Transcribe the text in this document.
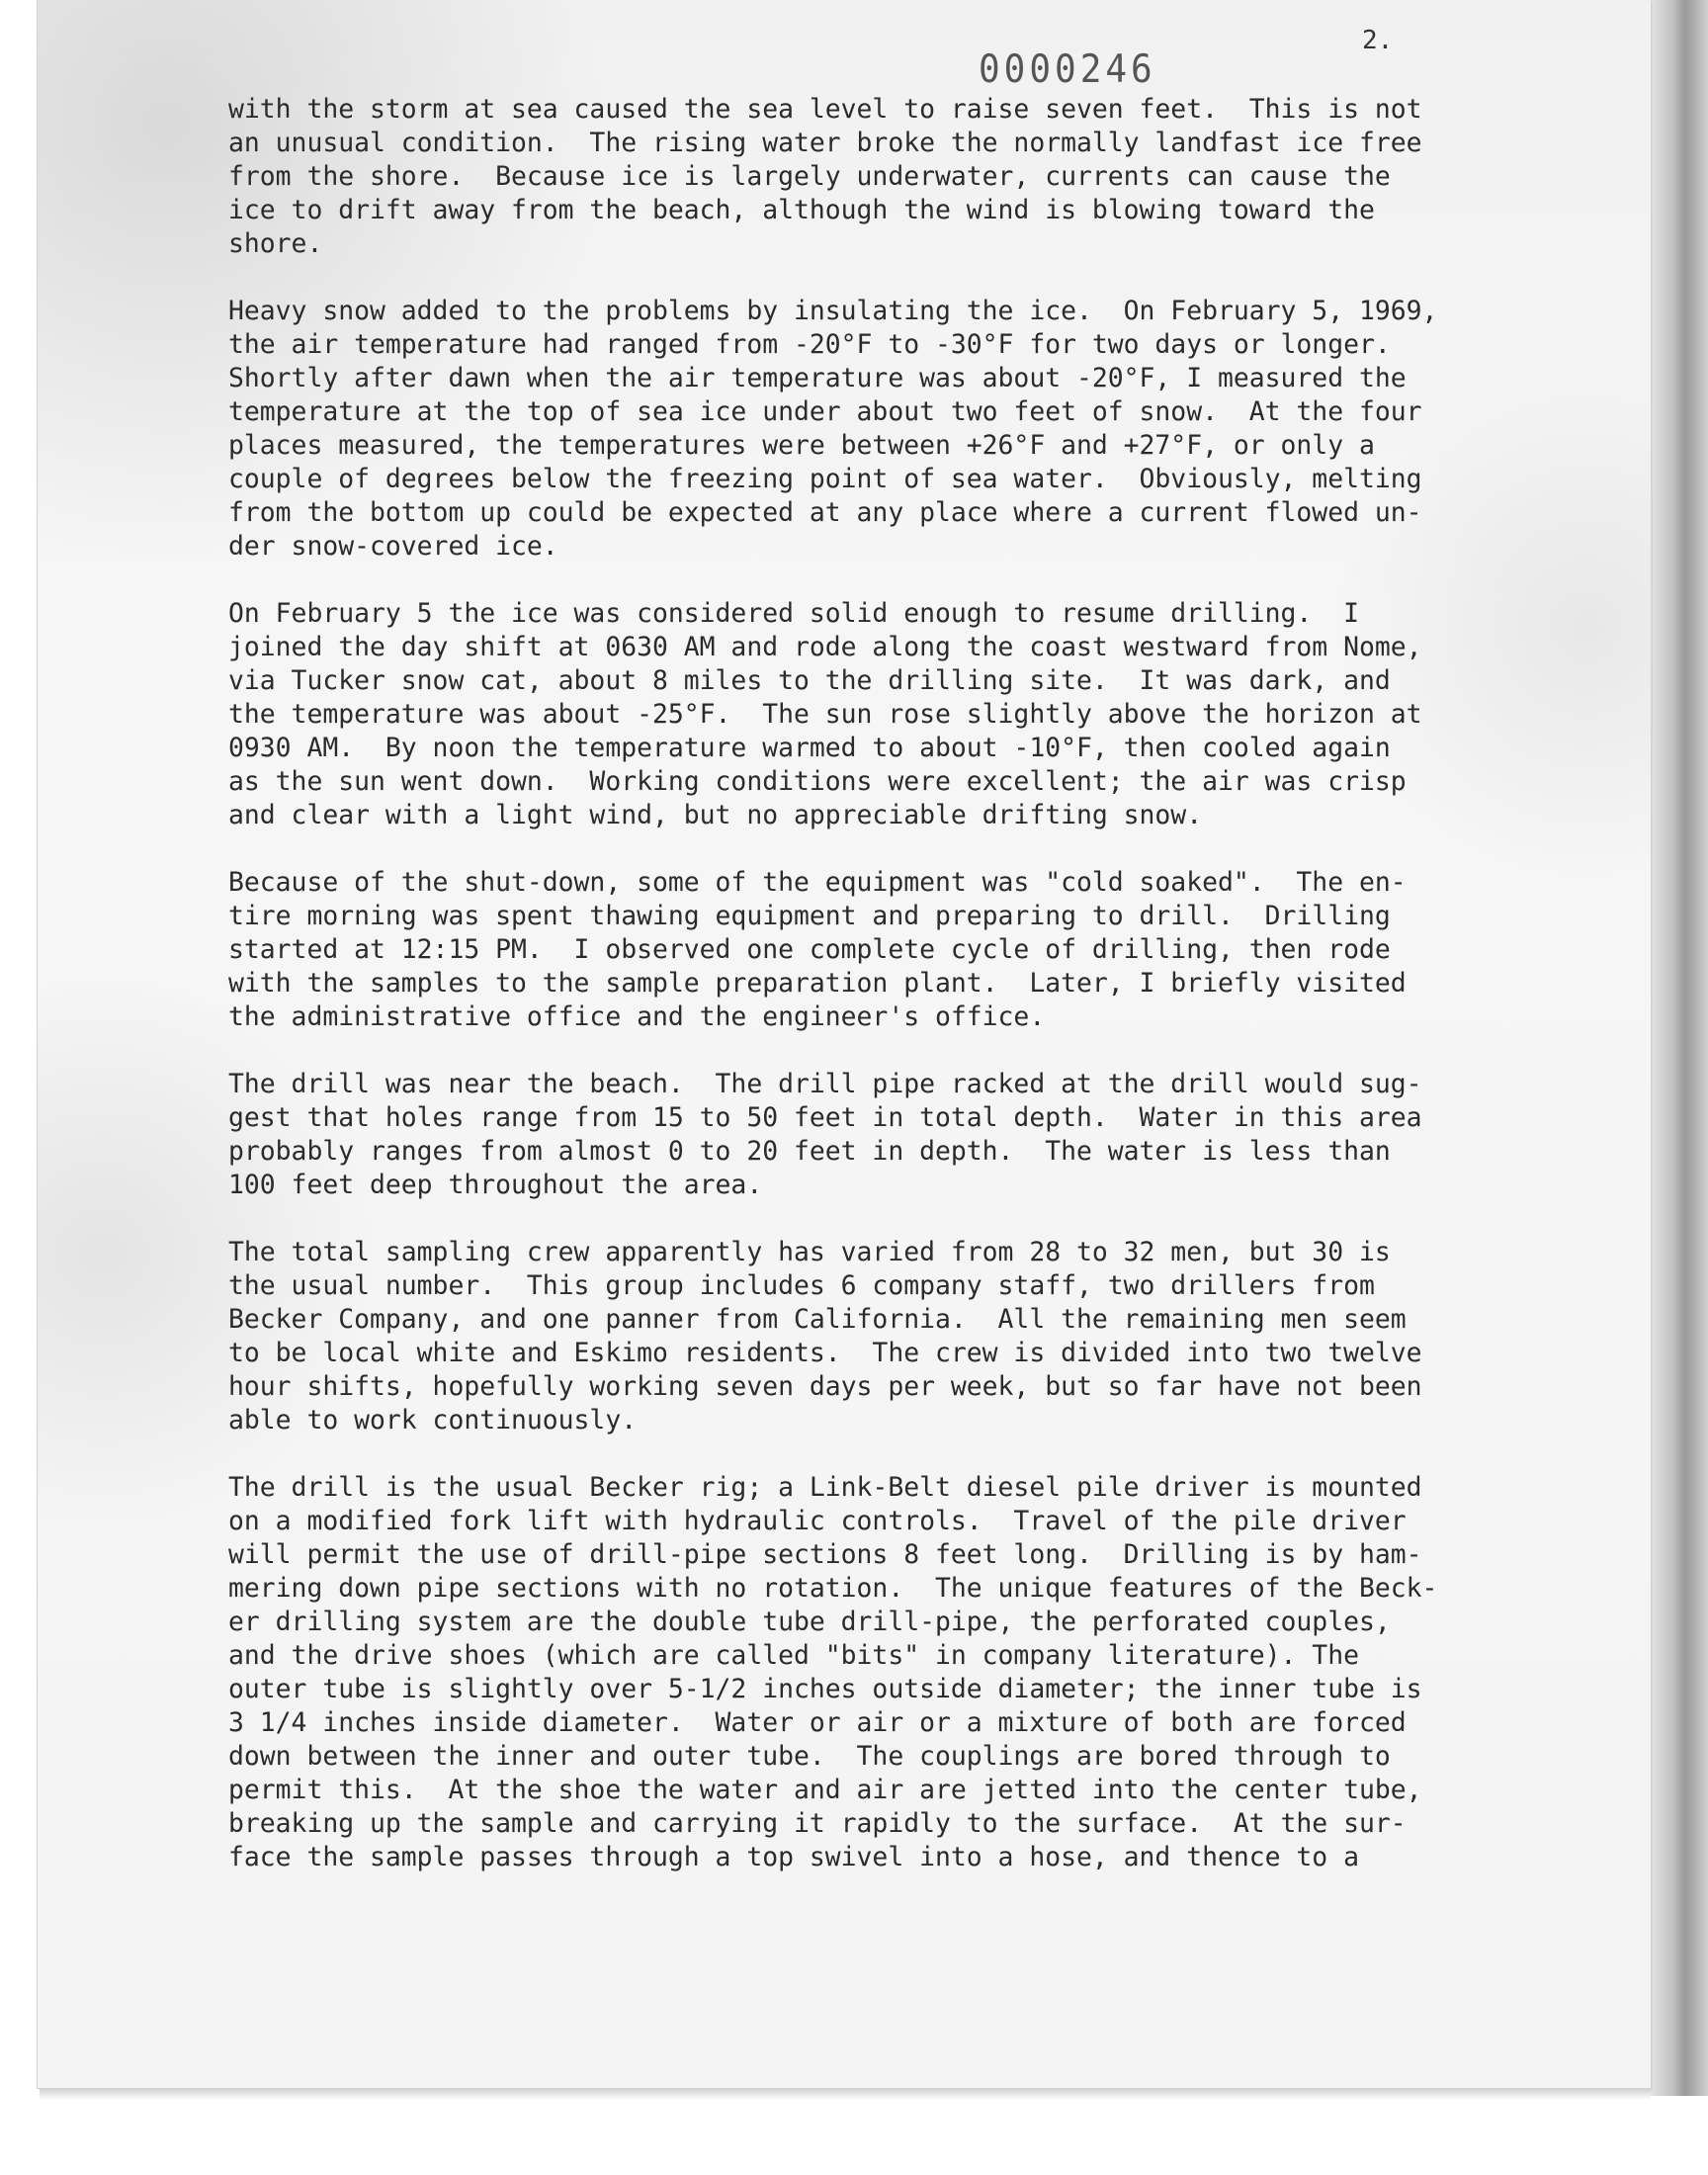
0000246
2.
with the storm at sea caused the sea level to raise seven feet.  This is not
an unusual condition.  The rising water broke the normally landfast ice free
from the shore.  Because ice is largely underwater, currents can cause the
ice to drift away from the beach, although the wind is blowing toward the
shore.
Heavy snow added to the problems by insulating the ice.  On February 5, 1969,
the air temperature had ranged from -20°F to -30°F for two days or longer.
Shortly after dawn when the air temperature was about -20°F, I measured the
temperature at the top of sea ice under about two feet of snow.  At the four
places measured, the temperatures were between +26°F and +27°F, or only a
couple of degrees below the freezing point of sea water.  Obviously, melting
from the bottom up could be expected at any place where a current flowed un-
der snow-covered ice.
On February 5 the ice was considered solid enough to resume drilling.  I
joined the day shift at 0630 AM and rode along the coast westward from Nome,
via Tucker snow cat, about 8 miles to the drilling site.  It was dark, and
the temperature was about -25°F.  The sun rose slightly above the horizon at
0930 AM.  By noon the temperature warmed to about -10°F, then cooled again
as the sun went down.  Working conditions were excellent; the air was crisp
and clear with a light wind, but no appreciable drifting snow.
Because of the shut-down, some of the equipment was "cold soaked".  The en-
tire morning was spent thawing equipment and preparing to drill.  Drilling
started at 12:15 PM.  I observed one complete cycle of drilling, then rode
with the samples to the sample preparation plant.  Later, I briefly visited
the administrative office and the engineer's office.
The drill was near the beach.  The drill pipe racked at the drill would sug-
gest that holes range from 15 to 50 feet in total depth.  Water in this area
probably ranges from almost 0 to 20 feet in depth.  The water is less than
100 feet deep throughout the area.
The total sampling crew apparently has varied from 28 to 32 men, but 30 is
the usual number.  This group includes 6 company staff, two drillers from
Becker Company, and one panner from California.  All the remaining men seem
to be local white and Eskimo residents.  The crew is divided into two twelve
hour shifts, hopefully working seven days per week, but so far have not been
able to work continuously.
The drill is the usual Becker rig; a Link-Belt diesel pile driver is mounted
on a modified fork lift with hydraulic controls.  Travel of the pile driver
will permit the use of drill-pipe sections 8 feet long.  Drilling is by ham-
mering down pipe sections with no rotation.  The unique features of the Beck-
er drilling system are the double tube drill-pipe, the perforated couples,
and the drive shoes (which are called "bits" in company literature). The
outer tube is slightly over 5-1/2 inches outside diameter; the inner tube is
3 1/4 inches inside diameter.  Water or air or a mixture of both are forced
down between the inner and outer tube.  The couplings are bored through to
permit this.  At the shoe the water and air are jetted into the center tube,
breaking up the sample and carrying it rapidly to the surface.  At the sur-
face the sample passes through a top swivel into a hose, and thence to a
